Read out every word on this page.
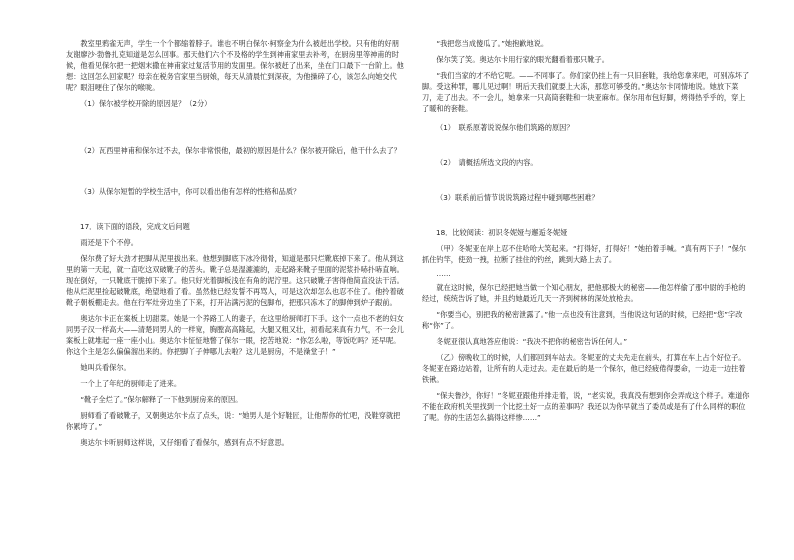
教室里鸦雀无声，学生一个个都缩着脖子。谁也不明白保尔·柯察金为什么被赶出学校。只有他的好朋友谢廖沙·勃鲁扎克知道是怎么回事。那天他们六个不及格的学生到神甫家里去补考，在厨房里等神甫的时候，他看见保尔把一把烟末撒在神甫家过复活节用的发面里。保尔被赶了出来，坐在门口最下一台阶上。他想：这回怎么回家呢？母亲在税务官家里当厨娘，每天从清晨忙到深夜，为他操碎了心，该怎么向她交代呢？眼泪哽住了保尔的喉咙。

（1）保尔被学校开除的原因是？（2分）

（2）瓦西里神甫和保尔过不去，保尔非常恨他，最初的原因是什么？保尔被开除后，他干什么去了？

（3）从保尔短暂的学校生活中，你可以看出他有怎样的性格和品质？

17．读下面的语段，完成文后问题

雨还是下个不停。

保尔费了好大劲才把脚从泥里拔出来。他想到脚底下冰冷彻骨，知道是那只烂靴底掉下来了。他从到这里的第一天起，就一直吃这双破靴子的苦头。靴子总是湿漉漉的，走起路来靴子里面的泥浆扑哧扑哧直响。现在倒好，一只靴底干脆掉下来了。他只好光着脚板浅在有角的泥泞里。这只破靴子害得他简直没法干活。他从烂泥里捡起破靴底，绝望地看了看。虽然他已经发誓不再骂人，可是这次却怎么也忍不住了。他拎着破靴子朝板棚走去。他在行军灶旁边坐了下来，打开沾满污泥的包脚布，把那只冻木了的脚伸到炉子跟前。

奥达尔卡正在案板上切甜菜。她是一个养路工人的妻子，在这里给厨师打下手。这个一点也不老的妇女同男子汉一样高大——清楚同男人的一样宽，胸膛高高隆起，大腿又粗又壮，初看起来真有力气，不一会儿案板上就堆起一座一座小山。奥达尔卡怔怔地瞥了保尔一眼，挖苦地说：“你怎么啦，等饭吃吗？还早呢。你这个主是怎么偏偏溜出来的。你把脚丫子伸哪儿去啦？这儿是厨房，不是澡堂子！”

她叫兵看保尔。

一个上了年纪的厨师走了进来。

“靴子全烂了。”保尔解释了一下他到厨房来的原因。

厨师看了看破靴子，又朝奥达尔卡点了点头，说：“她男人是个好鞋匠，让他帮你的忙吧，没鞋穿就把你累垮了。”

奥达尔卡听厨师这样说，又仔细看了看保尔，感到有点不好意思。

“我把您当成傻瓜了。”她抱歉地说。

保尔笑了笑。奥达尔卡用行家的眼光翻看着那只靴子。

“我们当家的才不给它呢。——不同事了。你们家仍挂上有一只旧套鞋，我给您拿来吧，可别冻坏了脚。受这种罪，哪儿见过啊！明后天我们就要上大冻，那您可够受的。”奥达尔卡同情地说。她放下菜刀，走了出去。不一会儿，她拿来一只高筒套鞋和一块亚麻布。保尔用布包好脚，烤得热乎乎的，穿上了暖和的套鞋。

（1）　联系原著说说保尔他们筑路的原因？

（2）　请概括所选文段的内容。

（3）联系前后情节说说筑路过程中碰到哪些困难？

18．比较阅读：初识冬妮娅与邂逅冬妮娅

（甲）冬妮亚在岸上忍不住哈哈大笑起来。“打得好，打得好！”她拍着手喊。“真有两下子！”保尔抓住钓竿，使劲一拽，拉断了挂住的钓丝，跳到大路上去了。

……

就在这时候，保尔已经把她当做一个知心朋友，把他那极大的秘密——他怎样偷了那中尉的手枪的经过，统统告诉了她，并且约她最近几天一齐到树林的深处放枪去。

“你要当心，别把我的秘密泄露了。”他一点也没有注意到，当他说这句话的时候，已经把“您”字改称“你”了。

冬妮亚很认真地答应他说：“我决不把你的秘密告诉任何人。”

（乙）傍晚收工的时候，人们都回到车站去。冬妮亚的丈夫先走在前头，打算在车上占个好位子。冬妮亚在路边站着，让所有的人走过去。走在最后的是一个保尔，他已经疲倦得要命，一边走一边拄着铁锹。

“保夫鲁沙，你好！”冬妮亚跟他并排走着，说，“老实说，我真没有想到你会弄成这个样子。难道你不能在政府机关里找到一个比挖土好一点的差事吗？我还以为你早就当了委员或是有了什么同样的职位了呢。你的生活怎么搞得这样惨……”
